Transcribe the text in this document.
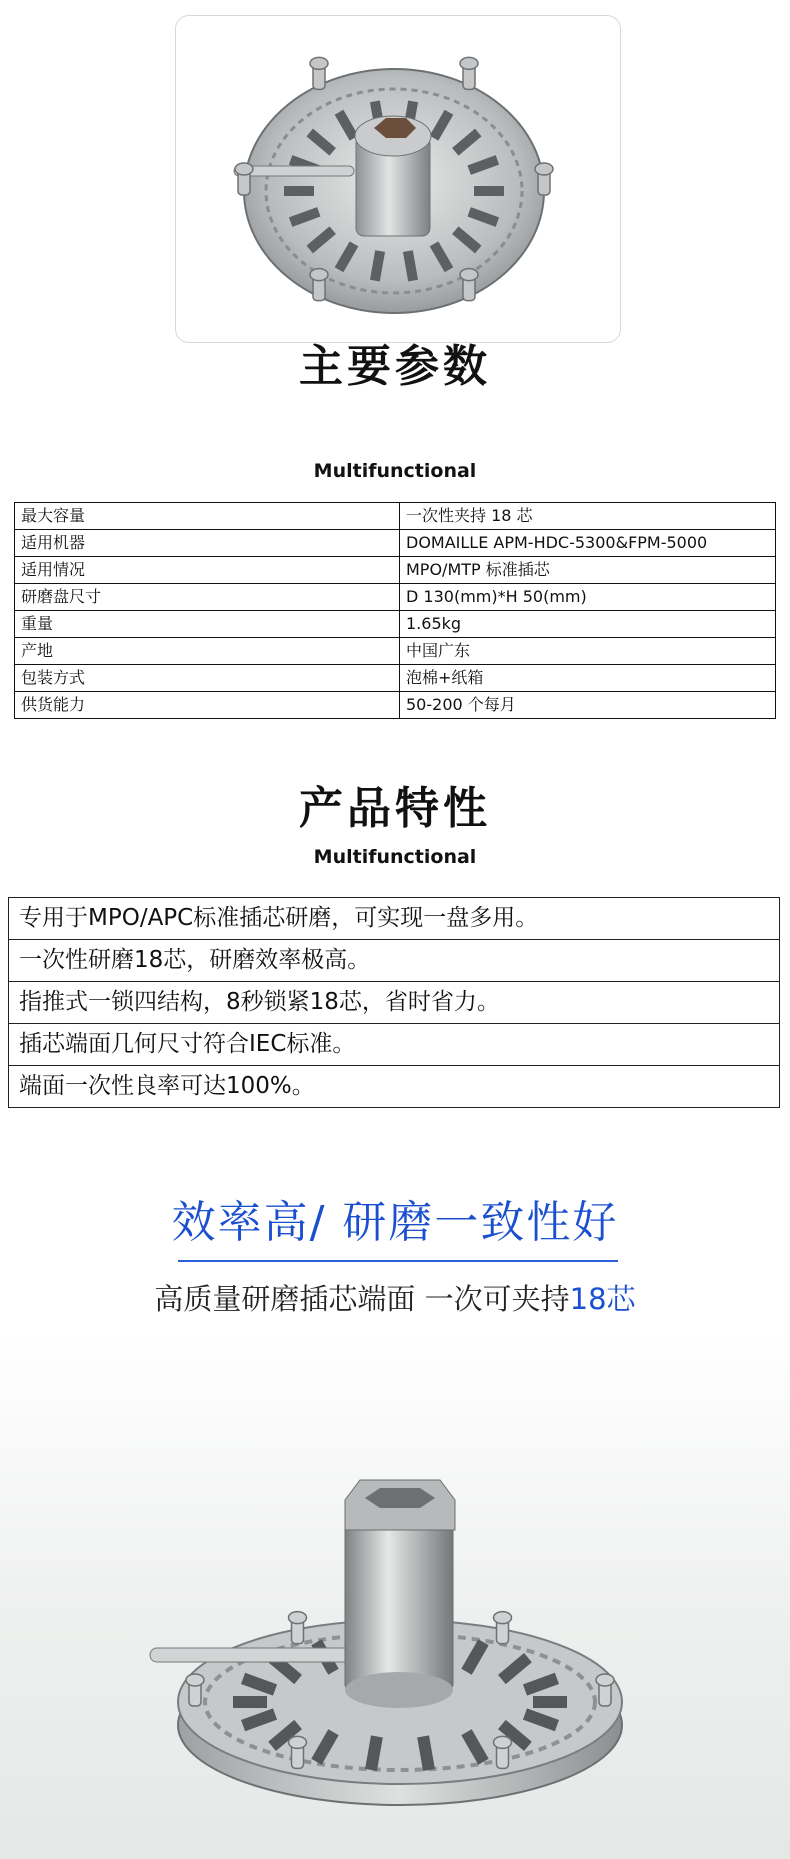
主要参数
Multifunctional
最大容量	一次性夹持 18 芯
适用机器	DOMAILLE APM-HDC-5300&FPM-5000
适用情况	MPO/MTP 标准插芯
研磨盘尺寸	D 130(mm)*H 50(mm)
重量	1.65kg
产地	中国广东
包装方式	泡棉+纸箱
供货能力	50-200 个每月
产品特性
Multifunctional
专用于MPO/APC标准插芯研磨，可实现一盘多用。
一次性研磨18芯，研磨效率极高。
指推式一锁四结构，8秒锁紧18芯，省时省力。
插芯端面几何尺寸符合IEC标准。
端面一次性良率可达100%。
效率高/ 研磨一致性好
高质量研磨插芯端面 一次可夹持18芯
